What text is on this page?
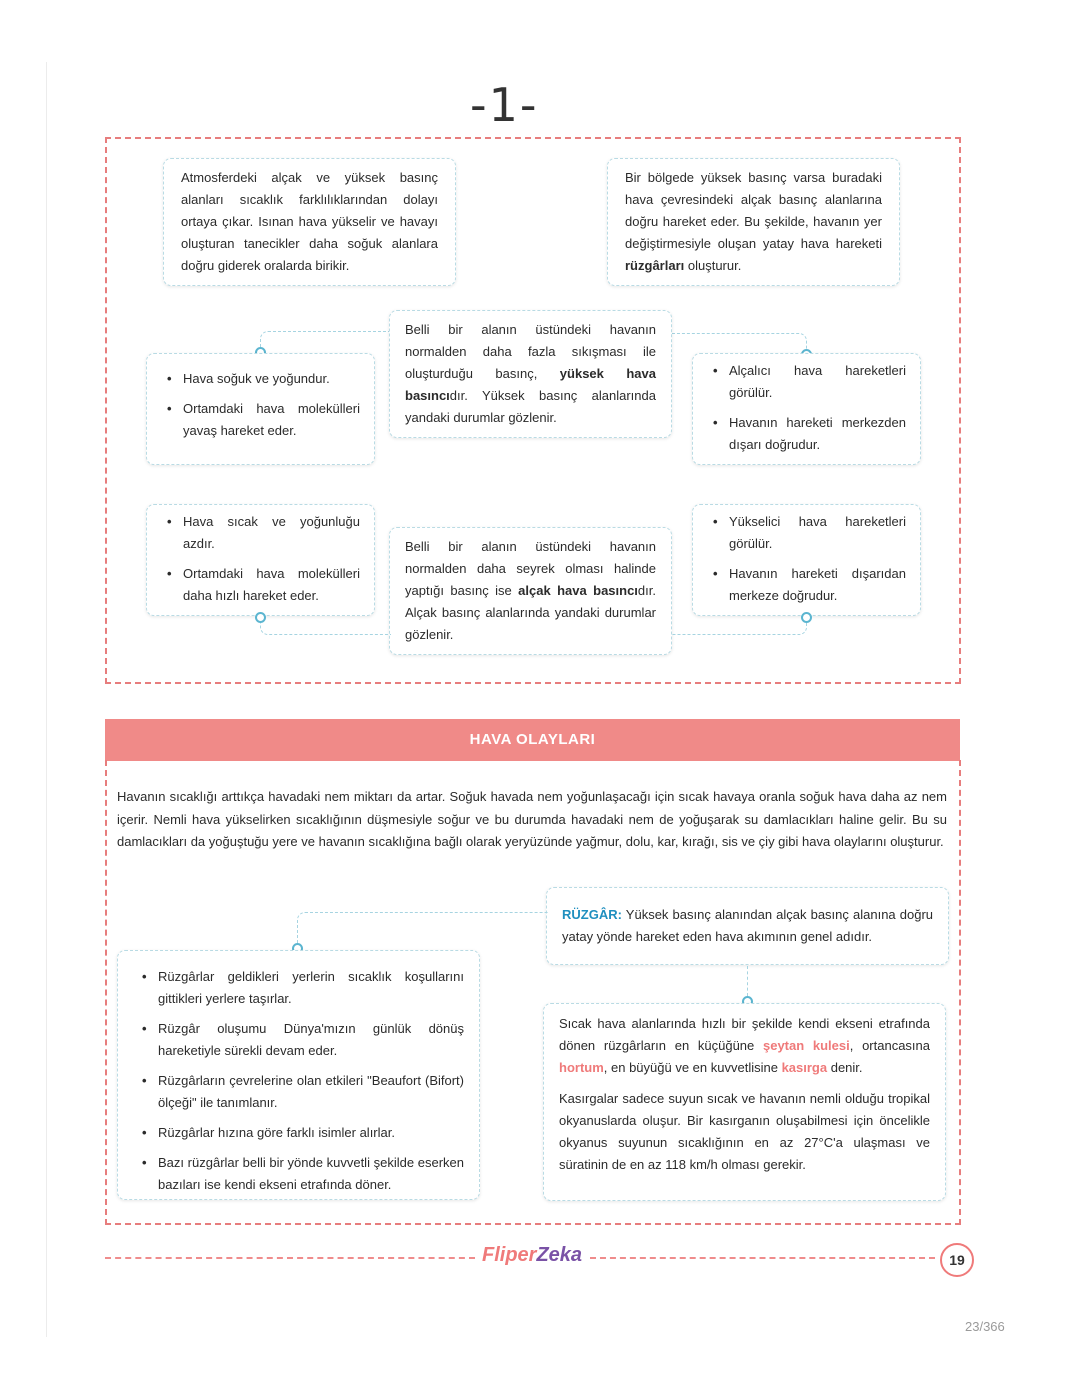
-1-

Atmosferdeki alçak ve yüksek basınç alanları sıcaklık farklılıklarından dolayı ortaya çıkar. Isınan hava yükselir ve havayı oluşturan tanecikler daha soğuk alanlara doğru giderek oralarda birikir.

Bir bölgede yüksek basınç varsa buradaki hava çevresindeki alçak basınç alanlarına doğru hareket eder. Bu şekilde, havanın yer değiştirmesiyle oluşan yatay hava hareketi rüzgârları oluşturur.

• Hava soğuk ve yoğundur.
• Ortamdaki hava molekülleri yavaş hareket eder.

Belli bir alanın üstündeki havanın normalden daha fazla sıkışması ile oluşturduğu basınç, yüksek hava basıncıdır. Yüksek basınç alanlarında yandaki durumlar gözlenir.

• Alçalıcı hava hareketleri görülür.
• Havanın hareketi merkezden dışarı doğrudur.
• Hava sıcak ve yoğunluğu azdır.
• Ortamdaki hava molekülleri daha hızlı hareket eder.

Belli bir alanın üstündeki havanın normalden daha seyrek olması halinde yaptığı basınç ise alçak hava basıncıdır. Alçak basınç alanlarında yandaki durumlar gözlenir.

• Yükselici hava hareketleri görülür.
• Havanın hareketi dışarıdan merkeze doğrudur.
HAVA OLAYLARI
Havanın sıcaklığı arttıkça havadaki nem miktarı da artar. Soğuk havada nem yoğunlaşacağı için sıcak havaya oranla soğuk hava daha az nem içerir. Nemli hava yükselirken sıcaklığının düşmesiyle soğur ve bu durumda havadaki nem de yoğuşarak su damlacıkları haline gelir. Bu su damlacıkları da yoğuştuğu yere ve havanın sıcaklığına bağlı olarak yeryüzünde yağmur, dolu, kar, kırağı, sis ve çiy gibi hava olaylarını oluşturur.

RÜZGÂR: Yüksek basınç alanından alçak basınç alanına doğru yatay yönde hareket eden hava akımının genel adıdır.

• Rüzgârlar geldikleri yerlerin sıcaklık koşullarını gittikleri yerlere taşırlar.
• Rüzgâr oluşumu Dünya'mızın günlük dönüş hareketiyle sürekli devam eder.
• Rüzgârların çevrelerine olan etkileri "Beaufort (Bifort) ölçeği" ile tanımlanır.
• Rüzgârlar hızına göre farklı isimler alırlar.
• Bazı rüzgârlar belli bir yönde kuvvetli şekilde eserken bazıları ise kendi ekseni etrafında döner.

Sıcak hava alanlarında hızlı bir şekilde kendi ekseni etrafında dönen rüzgârların en küçüğüne şeytan kulesi, ortancasına hortum, en büyüğü ve en kuvvetlisine kasırga denir.

Kasırgalar sadece suyun sıcak ve havanın nemli olduğu tropikal okyanuslarda oluşur. Bir kasırganın oluşabilmesi için öncelikle okyanus suyunun sıcaklığının en az 27°C'a ulaşması ve süratinin de en az 118 km/h olması gerekir.

FliperZeka	19
23/366
